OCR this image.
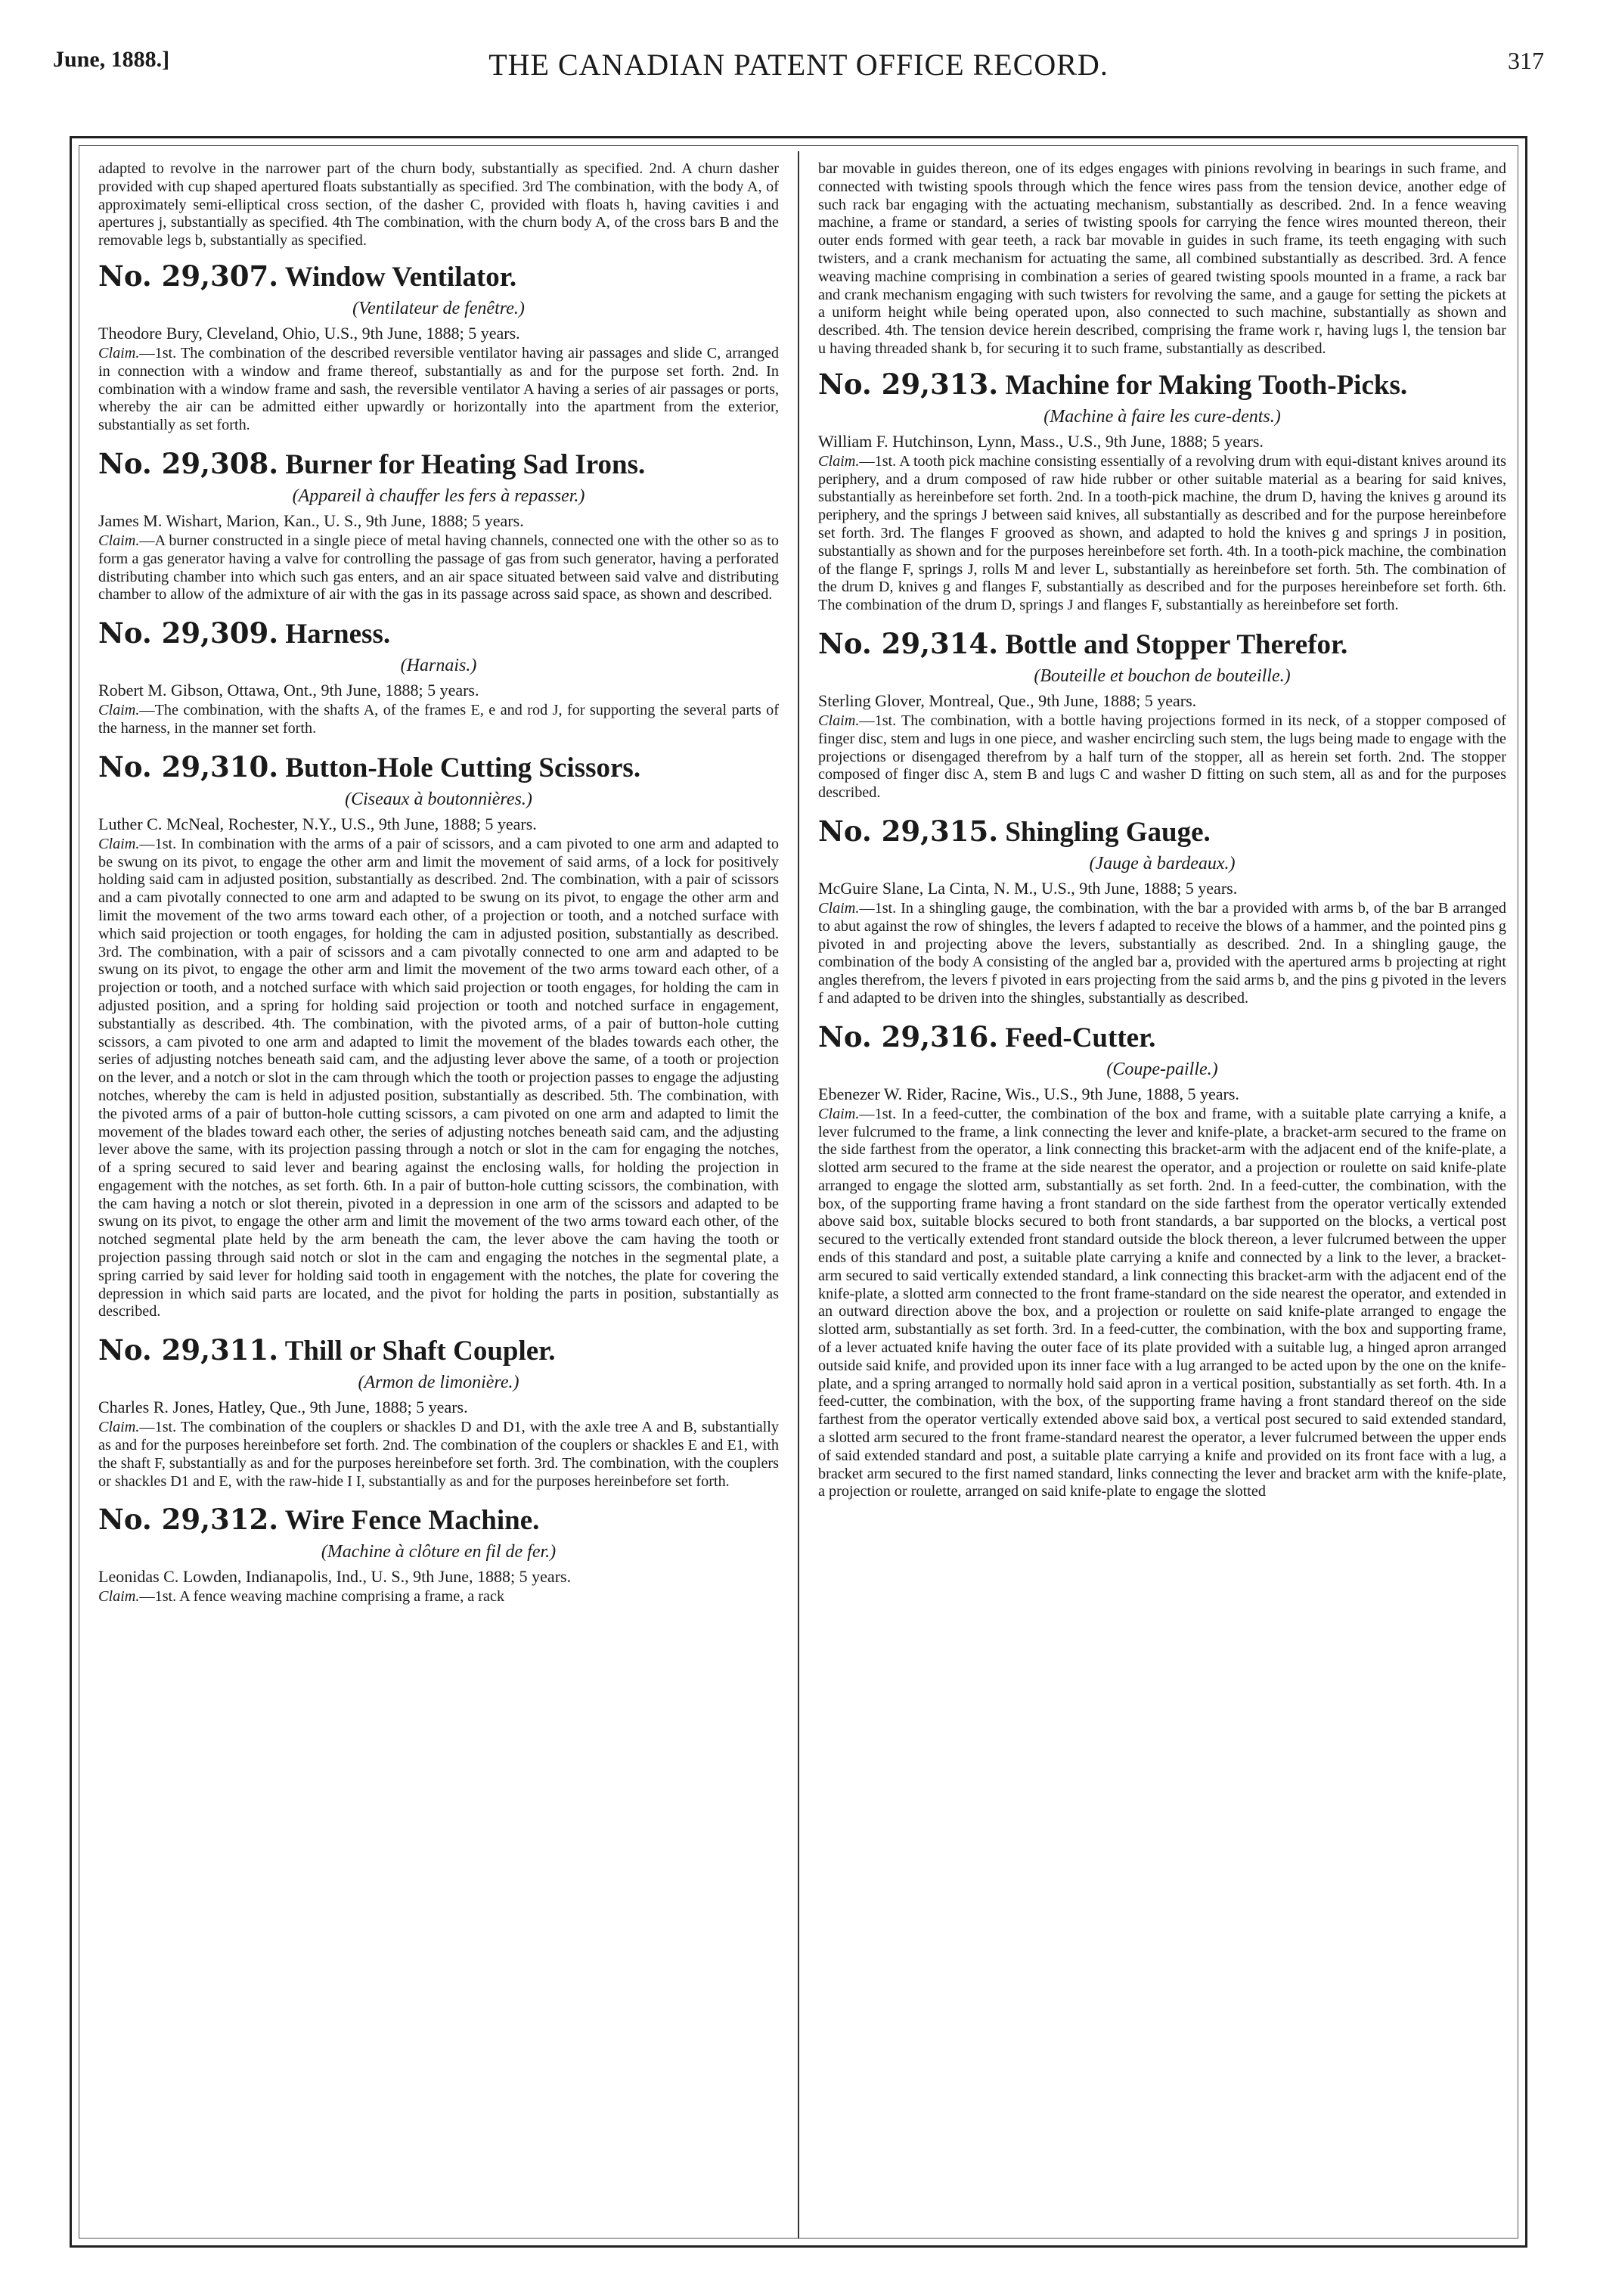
June, 1888.]	THE CANADIAN PATENT OFFICE RECORD.	317

adapted to revolve in the narrower part of the churn body, substantially as specified. 2nd. A churn dasher provided with cup shaped apertured floats substantially as specified. 3rd The combination, with the body A, of approximately semi-elliptical cross section, of the dasher C, provided with floats h, having cavities i and apertures j, substantially as specified. 4th The combination, with the churn body A, of the cross bars B and the removable legs b, substantially as specified.

No. 29,307. Window Ventilator.
(Ventilateur de fenêtre.)
Theodore Bury, Cleveland, Ohio, U.S., 9th June, 1888; 5 years.

Claim.—1st. The combination of the described reversible ventilator having air passages and slide C, arranged in connection with a window and frame thereof, substantially as and for the purpose set forth. 2nd. In combination with a window frame and sash, the reversible ventilator A having a series of air passages or ports, whereby the air can be admitted either upwardly or horizontally into the apartment from the exterior, substantially as set forth.

No. 29,308. Burner for Heating Sad Irons.
(Appareil à chauffer les fers à repasser.)
James M. Wishart, Marion, Kan., U. S., 9th June, 1888; 5 years.

Claim.—A burner constructed in a single piece of metal having channels, connected one with the other so as to form a gas generator having a valve for controlling the passage of gas from such generator, having a perforated distributing chamber into which such gas enters, and an air space situated between said valve and distributing chamber to allow of the admixture of air with the gas in its passage across said space, as shown and described.

No. 29,309. Harness.
(Harnais.)
Robert M. Gibson, Ottawa, Ont., 9th June, 1888; 5 years.

Claim.—The combination, with the shafts A, of the frames E, e and rod J, for supporting the several parts of the harness, in the manner set forth.

No. 29,310. Button-Hole Cutting Scissors.
(Ciseaux à boutonnières.)
Luther C. McNeal, Rochester, N.Y., U.S., 9th June, 1888; 5 years.

Claim.—1st. In combination with the arms of a pair of scissors, and a cam pivoted to one arm and adapted to be swung on its pivot, to engage the other arm and limit the movement of said arms, of a lock for positively holding said cam in adjusted position, substantially as described. 2nd. The combination, with a pair of scissors and a cam pivotally connected to one arm and adapted to be swung on its pivot, to engage the other arm and limit the movement of the two arms toward each other, of a projection or tooth, and a notched surface with which said projection or tooth engages, for holding the cam in adjusted position, substantially as described. 3rd. The combination, with a pair of scissors and a cam pivotally connected to one arm and adapted to be swung on its pivot, to engage the other arm and limit the movement of the two arms toward each other, of a projection or tooth, and a notched surface with which said projection or tooth engages, for holding the cam in adjusted position, and a spring for holding said projection or tooth and notched surface in engagement, substantially as described. 4th. The combination, with the pivoted arms, of a pair of button-hole cutting scissors, a cam pivoted to one arm and adapted to limit the movement of the blades towards each other, the series of adjusting notches beneath said cam, and the adjusting lever above the same, of a tooth or projection on the lever, and a notch or slot in the cam through which the tooth or projection passes to engage the adjusting notches, whereby the cam is held in adjusted position, substantially as described. 5th. The combination, with the pivoted arms of a pair of button-hole cutting scissors, a cam pivoted on one arm and adapted to limit the movement of the blades toward each other, the series of adjusting notches beneath said cam, and the adjusting lever above the same, with its projection passing through a notch or slot in the cam for engaging the notches, of a spring secured to said lever and bearing against the enclosing walls, for holding the projection in engagement with the notches, as set forth. 6th. In a pair of button-hole cutting scissors, the combination, with the cam having a notch or slot therein, pivoted in a depression in one arm of the scissors and adapted to be swung on its pivot, to engage the other arm and limit the movement of the two arms toward each other, of the notched segmental plate held by the arm beneath the cam, the lever above the cam having the tooth or projection passing through said notch or slot in the cam and engaging the notches in the segmental plate, a spring carried by said lever for holding said tooth in engagement with the notches, the plate for covering the depression in which said parts are located, and the pivot for holding the parts in position, substantially as described.

No. 29,311. Thill or Shaft Coupler.
(Armon de limonière.)
Charles R. Jones, Hatley, Que., 9th June, 1888; 5 years.

Claim.—1st. The combination of the couplers or shackles D and D1, with the axle tree A and B, substantially as and for the purposes hereinbefore set forth. 2nd. The combination of the couplers or shackles E and E1, with the shaft F, substantially as and for the purposes hereinbefore set forth. 3rd. The combination, with the couplers or shackles D1 and E, with the raw-hide I I, substantially as and for the purposes hereinbefore set forth.

No. 29,312. Wire Fence Machine.
(Machine à clôture en fil de fer.)
Leonidas C. Lowden, Indianapolis, Ind., U. S., 9th June, 1888; 5 years.

Claim.—1st. A fence weaving machine comprising a frame, a rack

bar movable in guides thereon, one of its edges engages with pinions revolving in bearings in such frame, and connected with twisting spools through which the fence wires pass from the tension device, another edge of such rack bar engaging with the actuating mechanism, substantially as described. 2nd. In a fence weaving machine, a frame or standard, a series of twisting spools for carrying the fence wires mounted thereon, their outer ends formed with gear teeth, a rack bar movable in guides in such frame, its teeth engaging with such twisters, and a crank mechanism for actuating the same, all combined substantially as described. 3rd. A fence weaving machine comprising in combination a series of geared twisting spools mounted in a frame, a rack bar and crank mechanism engaging with such twisters for revolving the same, and a gauge for setting the pickets at a uniform height while being operated upon, also connected to such machine, substantially as shown and described. 4th. The tension device herein described, comprising the frame work r, having lugs l, the tension bar u having threaded shank b, for securing it to such frame, substantially as described.

No. 29,313. Machine for Making Tooth-Picks.
(Machine à faire les cure-dents.)
William F. Hutchinson, Lynn, Mass., U.S., 9th June, 1888; 5 years.

Claim.—1st. A tooth pick machine consisting essentially of a revolving drum with equi-distant knives around its periphery, and a drum composed of raw hide rubber or other suitable material as a bearing for said knives, substantially as hereinbefore set forth. 2nd. In a tooth-pick machine, the drum D, having the knives g around its periphery, and the springs J between said knives, all substantially as described and for the purpose hereinbefore set forth. 3rd. The flanges F grooved as shown, and adapted to hold the knives g and springs J in position, substantially as shown and for the purposes hereinbefore set forth. 4th. In a tooth-pick machine, the combination of the flange F, springs J, rolls M and lever L, substantially as hereinbefore set forth. 5th. The combination of the drum D, knives g and flanges F, substantially as described and for the purposes hereinbefore set forth. 6th. The combination of the drum D, springs J and flanges F, substantially as hereinbefore set forth.

No. 29,314. Bottle and Stopper Therefor.
(Bouteille et bouchon de bouteille.)
Sterling Glover, Montreal, Que., 9th June, 1888; 5 years.

Claim.—1st. The combination, with a bottle having projections formed in its neck, of a stopper composed of finger disc, stem and lugs in one piece, and washer encircling such stem, the lugs being made to engage with the projections or disengaged therefrom by a half turn of the stopper, all as herein set forth. 2nd. The stopper composed of finger disc A, stem B and lugs C and washer D fitting on such stem, all as and for the purposes described.

No. 29,315. Shingling Gauge.
(Jauge à bardeaux.)
McGuire Slane, La Cinta, N. M., U.S., 9th June, 1888; 5 years.

Claim.—1st. In a shingling gauge, the combination, with the bar a provided with arms b, of the bar B arranged to abut against the row of shingles, the levers f adapted to receive the blows of a hammer, and the pointed pins g pivoted in and projecting above the levers, substantially as described. 2nd. In a shingling gauge, the combination of the body A consisting of the angled bar a, provided with the apertured arms b projecting at right angles therefrom, the levers f pivoted in ears projecting from the said arms b, and the pins g pivoted in the levers f and adapted to be driven into the shingles, substantially as described.

No. 29,316. Feed-Cutter.
(Coupe-paille.)
Ebenezer W. Rider, Racine, Wis., U.S., 9th June, 1888, 5 years.

Claim.—1st. In a feed-cutter, the combination of the box and frame, with a suitable plate carrying a knife, a lever fulcrumed to the frame, a link connecting the lever and knife-plate, a bracket-arm secured to the frame on the side farthest from the operator, a link connecting this bracket-arm with the adjacent end of the knife-plate, a slotted arm secured to the frame at the side nearest the operator, and a projection or roulette on said knife-plate arranged to engage the slotted arm, substantially as set forth. 2nd. In a feed-cutter, the combination, with the box, of the supporting frame having a front standard on the side farthest from the operator vertically extended above said box, suitable blocks secured to both front standards, a bar supported on the blocks, a vertical post secured to the vertically extended front standard outside the block thereon, a lever fulcrumed between the upper ends of this standard and post, a suitable plate carrying a knife and connected by a link to the lever, a bracket-arm secured to said vertically extended standard, a link connecting this bracket-arm with the adjacent end of the knife-plate, a slotted arm connected to the front frame-standard on the side nearest the operator, and extended in an outward direction above the box, and a projection or roulette on said knife-plate arranged to engage the slotted arm, substantially as set forth. 3rd. In a feed-cutter, the combination, with the box and supporting frame, of a lever actuated knife having the outer face of its plate provided with a suitable lug, a hinged apron arranged outside said knife, and provided upon its inner face with a lug arranged to be acted upon by the one on the knife-plate, and a spring arranged to normally hold said apron in a vertical position, substantially as set forth. 4th. In a feed-cutter, the combination, with the box, of the supporting frame having a front standard thereof on the side farthest from the operator vertically extended above said box, a vertical post secured to said extended standard, a slotted arm secured to the front frame-standard nearest the operator, a lever fulcrumed between the upper ends of said extended standard and post, a suitable plate carrying a knife and provided on its front face with a lug, a bracket arm secured to the first named standard, links connecting the lever and bracket arm with the knife-plate, a projection or roulette, arranged on said knife-plate to engage the slotted
